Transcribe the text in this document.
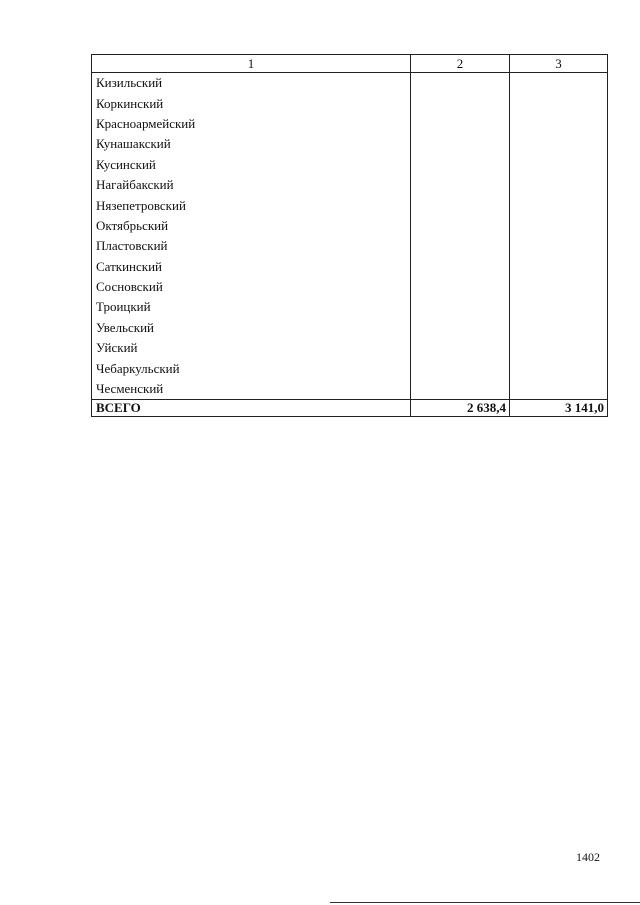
1	2	3
Кизильский		
Коркинский		
Красноармейский		
Кунашакский		
Кусинский		
Нагайбакский		
Нязепетровский		
Октябрьский		
Пластовский		
Саткинский		
Сосновский		
Троицкий		
Увельский		
Уйский		
Чебаркульский		
Чесменский		
ВСЕГО	2 638,4	3 141,0
1402
